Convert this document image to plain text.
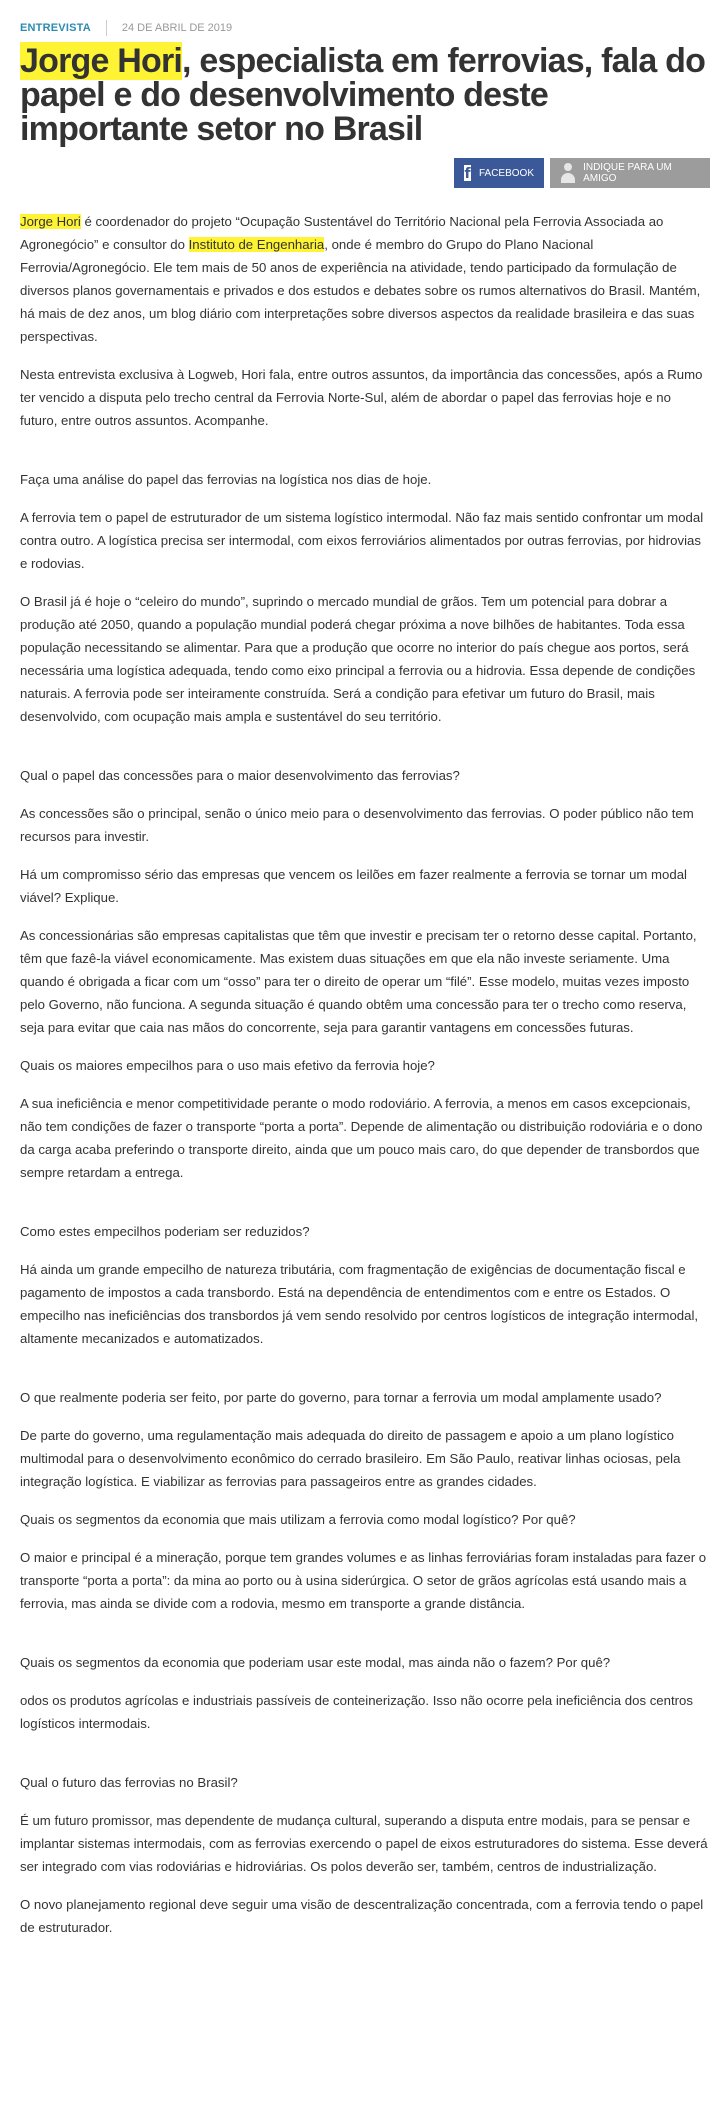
ENTREVISTA	24 DE ABRIL DE 2019
Jorge Hori, especialista em ferrovias, fala do papel e do desenvolvimento deste importante setor no Brasil
f FACEBOOK	INDIQUE PARA UM AMIGO

Jorge Hori é coordenador do projeto “Ocupação Sustentável do Território Nacional pela Ferrovia Associada ao Agronegócio” e consultor do Instituto de Engenharia, onde é membro do Grupo do Plano Nacional Ferrovia/Agronegócio. Ele tem mais de 50 anos de experiência na atividade, tendo participado da formulação de diversos planos governamentais e privados e dos estudos e debates sobre os rumos alternativos do Brasil. Mantém, há mais de dez anos, um blog diário com interpretações sobre diversos aspectos da realidade brasileira e das suas perspectivas.

Nesta entrevista exclusiva à Logweb, Hori fala, entre outros assuntos, da importância das concessões, após a Rumo ter vencido a disputa pelo trecho central da Ferrovia Norte-Sul, além de abordar o papel das ferrovias hoje e no futuro, entre outros assuntos. Acompanhe.

Faça uma análise do papel das ferrovias na logística nos dias de hoje.

A ferrovia tem o papel de estruturador de um sistema logístico intermodal. Não faz mais sentido confrontar um modal contra outro. A logística precisa ser intermodal, com eixos ferroviários alimentados por outras ferrovias, por hidrovias e rodovias.

O Brasil já é hoje o “celeiro do mundo”, suprindo o mercado mundial de grãos. Tem um potencial para dobrar a produção até 2050, quando a população mundial poderá chegar próxima a nove bilhões de habitantes. Toda essa população necessitando se alimentar. Para que a produção que ocorre no interior do país chegue aos portos, será necessária uma logística adequada, tendo como eixo principal a ferrovia ou a hidrovia. Essa depende de condições naturais. A ferrovia pode ser inteiramente construída. Será a condição para efetivar um futuro do Brasil, mais desenvolvido, com ocupação mais ampla e sustentável do seu território.

Qual o papel das concessões para o maior desenvolvimento das ferrovias?

As concessões são o principal, senão o único meio para o desenvolvimento das ferrovias. O poder público não tem recursos para investir.

Há um compromisso sério das empresas que vencem os leilões em fazer realmente a ferrovia se tornar um modal viável? Explique.

As concessionárias são empresas capitalistas que têm que investir e precisam ter o retorno desse capital. Portanto, têm que fazê-la viável economicamente. Mas existem duas situações em que ela não investe seriamente. Uma quando é obrigada a ficar com um “osso” para ter o direito de operar um “filé”. Esse modelo, muitas vezes imposto pelo Governo, não funciona. A segunda situação é quando obtêm uma concessão para ter o trecho como reserva, seja para evitar que caia nas mãos do concorrente, seja para garantir vantagens em concessões futuras.

Quais os maiores empecilhos para o uso mais efetivo da ferrovia hoje?

A sua ineficiência e menor competitividade perante o modo rodoviário. A ferrovia, a menos em casos excepcionais, não tem condições de fazer o transporte “porta a porta”. Depende de alimentação ou distribuição rodoviária e o dono da carga acaba preferindo o transporte direito, ainda que um pouco mais caro, do que depender de transbordos que sempre retardam a entrega.

Como estes empecilhos poderiam ser reduzidos?

Há ainda um grande empecilho de natureza tributária, com fragmentação de exigências de documentação fiscal e pagamento de impostos a cada transbordo. Está na dependência de entendimentos com e entre os Estados. O empecilho nas ineficiências dos transbordos já vem sendo resolvido por centros logísticos de integração intermodal, altamente mecanizados e automatizados.

O que realmente poderia ser feito, por parte do governo, para tornar a ferrovia um modal amplamente usado?

De parte do governo, uma regulamentação mais adequada do direito de passagem e apoio a um plano logístico multimodal para o desenvolvimento econômico do cerrado brasileiro. Em São Paulo, reativar linhas ociosas, pela integração logística. E viabilizar as ferrovias para passageiros entre as grandes cidades.

Quais os segmentos da economia que mais utilizam a ferrovia como modal logístico? Por quê?

O maior e principal é a mineração, porque tem grandes volumes e as linhas ferroviárias foram instaladas para fazer o transporte “porta a porta”: da mina ao porto ou à usina siderúrgica. O setor de grãos agrícolas está usando mais a ferrovia, mas ainda se divide com a rodovia, mesmo em transporte a grande distância.

Quais os segmentos da economia que poderiam usar este modal, mas ainda não o fazem? Por quê?

odos os produtos agrícolas e industriais passíveis de conteinerização. Isso não ocorre pela ineficiência dos centros logísticos intermodais.

Qual o futuro das ferrovias no Brasil?

É um futuro promissor, mas dependente de mudança cultural, superando a disputa entre modais, para se pensar e implantar sistemas intermodais, com as ferrovias exercendo o papel de eixos estruturadores do sistema. Esse deverá ser integrado com vias rodoviárias e hidroviárias. Os polos deverão ser, também, centros de industrialização.

O novo planejamento regional deve seguir uma visão de descentralização concentrada, com a ferrovia tendo o papel de estruturador.
